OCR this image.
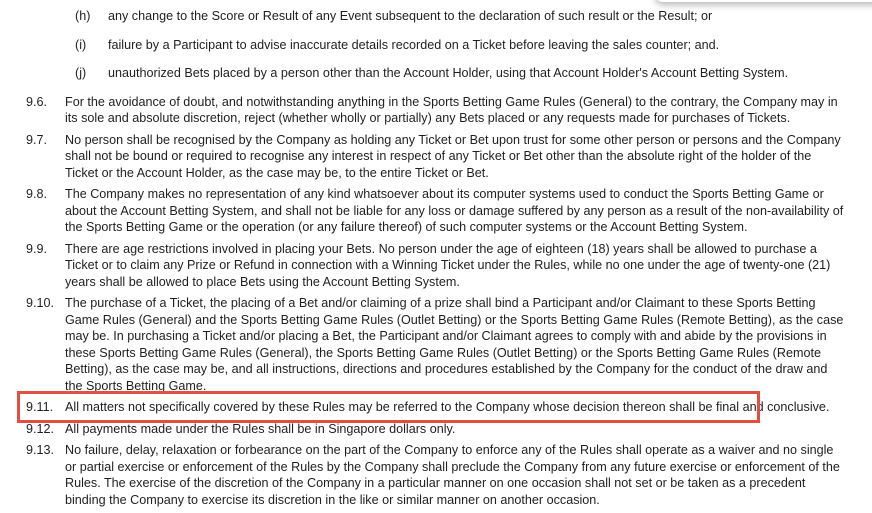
(h)	any change to the Score or Result of any Event subsequent to the declaration of such result or the Result; or
(i)	failure by a Participant to advise inaccurate details recorded on a Ticket before leaving the sales counter; and.
(j)	unauthorized Bets placed by a person other than the Account Holder, using that Account Holder's Account Betting System.
9.6.	For the avoidance of doubt, and notwithstanding anything in the Sports Betting Game Rules (General) to the contrary, the Company may in its sole and absolute discretion, reject (whether wholly or partially) any Bets placed or any requests made for purchases of Tickets.
9.7.	No person shall be recognised by the Company as holding any Ticket or Bet upon trust for some other person or persons and the Company shall not be bound or required to recognise any interest in respect of any Ticket or Bet other than the absolute right of the holder of the Ticket or the Account Holder, as the case may be, to the entire Ticket or Bet.
9.8.	The Company makes no representation of any kind whatsoever about its computer systems used to conduct the Sports Betting Game or about the Account Betting System, and shall not be liable for any loss or damage suffered by any person as a result of the non-availability of the Sports Betting Game or the operation (or any failure thereof) of such computer systems or the Account Betting System.
9.9.	There are age restrictions involved in placing your Bets. No person under the age of eighteen (18) years shall be allowed to purchase a Ticket or to claim any Prize or Refund in connection with a Winning Ticket under the Rules, while no one under the age of twenty-one (21) years shall be allowed to place Bets using the Account Betting System.
9.10. The purchase of a Ticket, the placing of a Bet and/or claiming of a prize shall bind a Participant and/or Claimant to these Sports Betting Game Rules (General) and the Sports Betting Game Rules (Outlet Betting) or the Sports Betting Game Rules (Remote Betting), as the case may be. In purchasing a Ticket and/or placing a Bet, the Participant and/or Claimant agrees to comply with and abide by the provisions in these Sports Betting Game Rules (General), the Sports Betting Game Rules (Outlet Betting) or the Sports Betting Game Rules (Remote Betting), as the case may be, and all instructions, directions and procedures established by the Company for the conduct of the draw and the Sports Betting Game.
9.11. All matters not specifically covered by these Rules may be referred to the Company whose decision thereon shall be final and conclusive.
9.12. All payments made under the Rules shall be in Singapore dollars only.
9.13. No failure, delay, relaxation or forbearance on the part of the Company to enforce any of the Rules shall operate as a waiver and no single or partial exercise or enforcement of the Rules by the Company shall preclude the Company from any future exercise or enforcement of the Rules. The exercise of the discretion of the Company in a particular manner on one occasion shall not set or be taken as a precedent binding the Company to exercise its discretion in the like or similar manner on another occasion.
